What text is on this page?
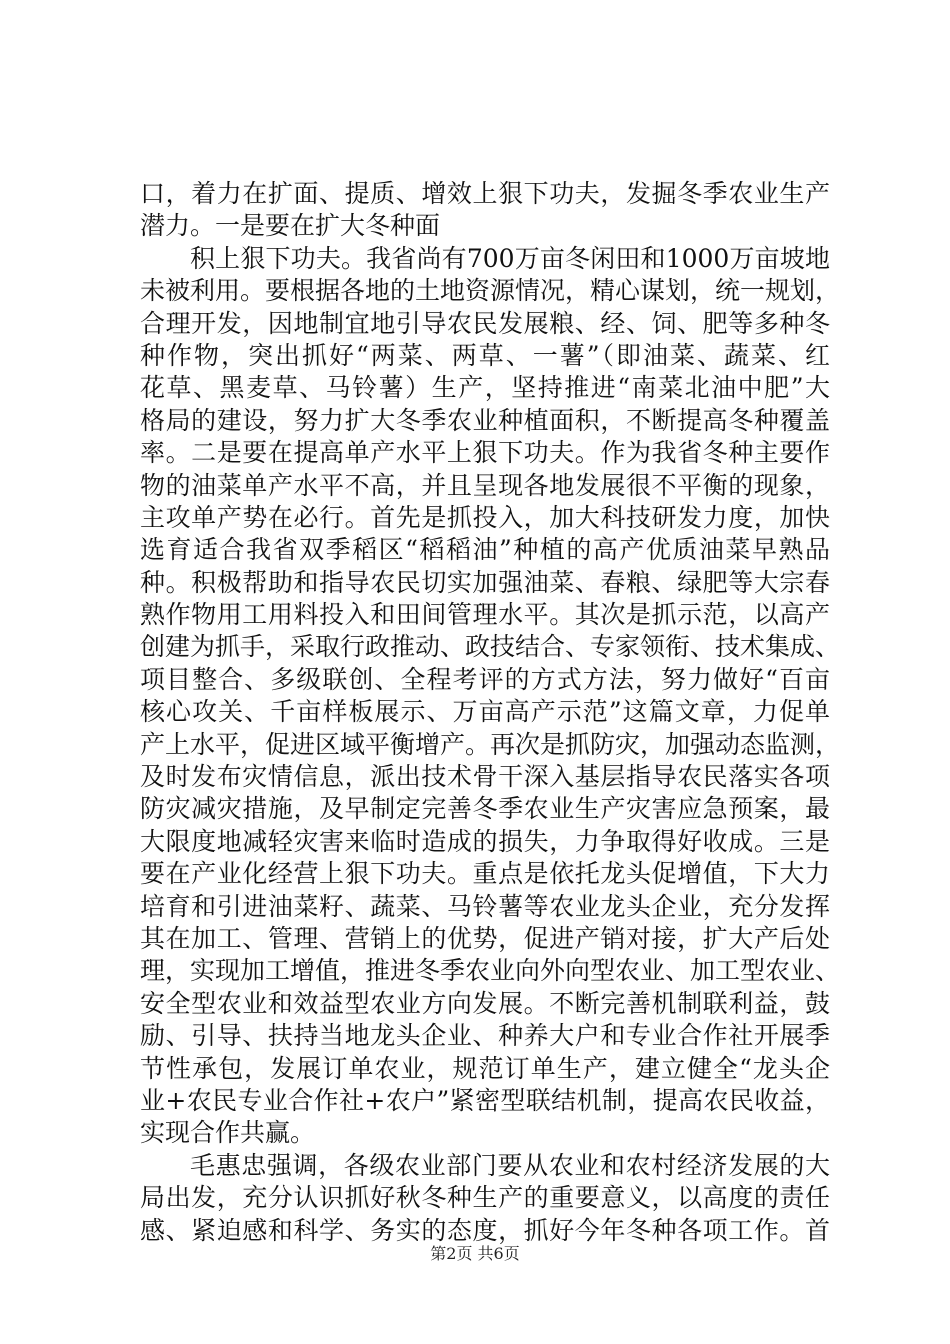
口，着力在扩面、提质、增效上狠下功夫，发掘冬季农业生产
潜力。一是要在扩大冬种面
积上狠下功夫。我省尚有700万亩冬闲田和1000万亩坡地
未被利用。要根据各地的土地资源情况，精心谋划，统一规划，
合理开发，因地制宜地引导农民发展粮、经、饲、肥等多种冬
种作物，突出抓好“两菜、两草、一薯”（即油菜、蔬菜、红
花草、黑麦草、马铃薯）生产，坚持推进“南菜北油中肥”大
格局的建设，努力扩大冬季农业种植面积，不断提高冬种覆盖
率。二是要在提高单产水平上狠下功夫。作为我省冬种主要作
物的油菜单产水平不高，并且呈现各地发展很不平衡的现象，
主攻单产势在必行。首先是抓投入，加大科技研发力度，加快
选育适合我省双季稻区“稻稻油”种植的高产优质油菜早熟品
种。积极帮助和指导农民切实加强油菜、春粮、绿肥等大宗春
熟作物用工用料投入和田间管理水平。其次是抓示范，以高产
创建为抓手，采取行政推动、政技结合、专家领衔、技术集成、
项目整合、多级联创、全程考评的方式方法，努力做好“百亩
核心攻关、千亩样板展示、万亩高产示范”这篇文章，力促单
产上水平，促进区域平衡增产。再次是抓防灾，加强动态监测，
及时发布灾情信息，派出技术骨干深入基层指导农民落实各项
防灾减灾措施，及早制定完善冬季农业生产灾害应急预案，最
大限度地减轻灾害来临时造成的损失，力争取得好收成。三是
要在产业化经营上狠下功夫。重点是依托龙头促增值，下大力
培育和引进油菜籽、蔬菜、马铃薯等农业龙头企业，充分发挥
其在加工、管理、营销上的优势，促进产销对接，扩大产后处
理，实现加工增值，推进冬季农业向外向型农业、加工型农业、
安全型农业和效益型农业方向发展。不断完善机制联利益，鼓
励、引导、扶持当地龙头企业、种养大户和专业合作社开展季
节性承包，发展订单农业，规范订单生产，建立健全“龙头企
业+农民专业合作社+农户”紧密型联结机制，提高农民收益，
实现合作共赢。
毛惠忠强调，各级农业部门要从农业和农村经济发展的大
局出发，充分认识抓好秋冬种生产的重要意义，以高度的责任
感、紧迫感和科学、务实的态度，抓好今年冬种各项工作。首
第2页 共6页
